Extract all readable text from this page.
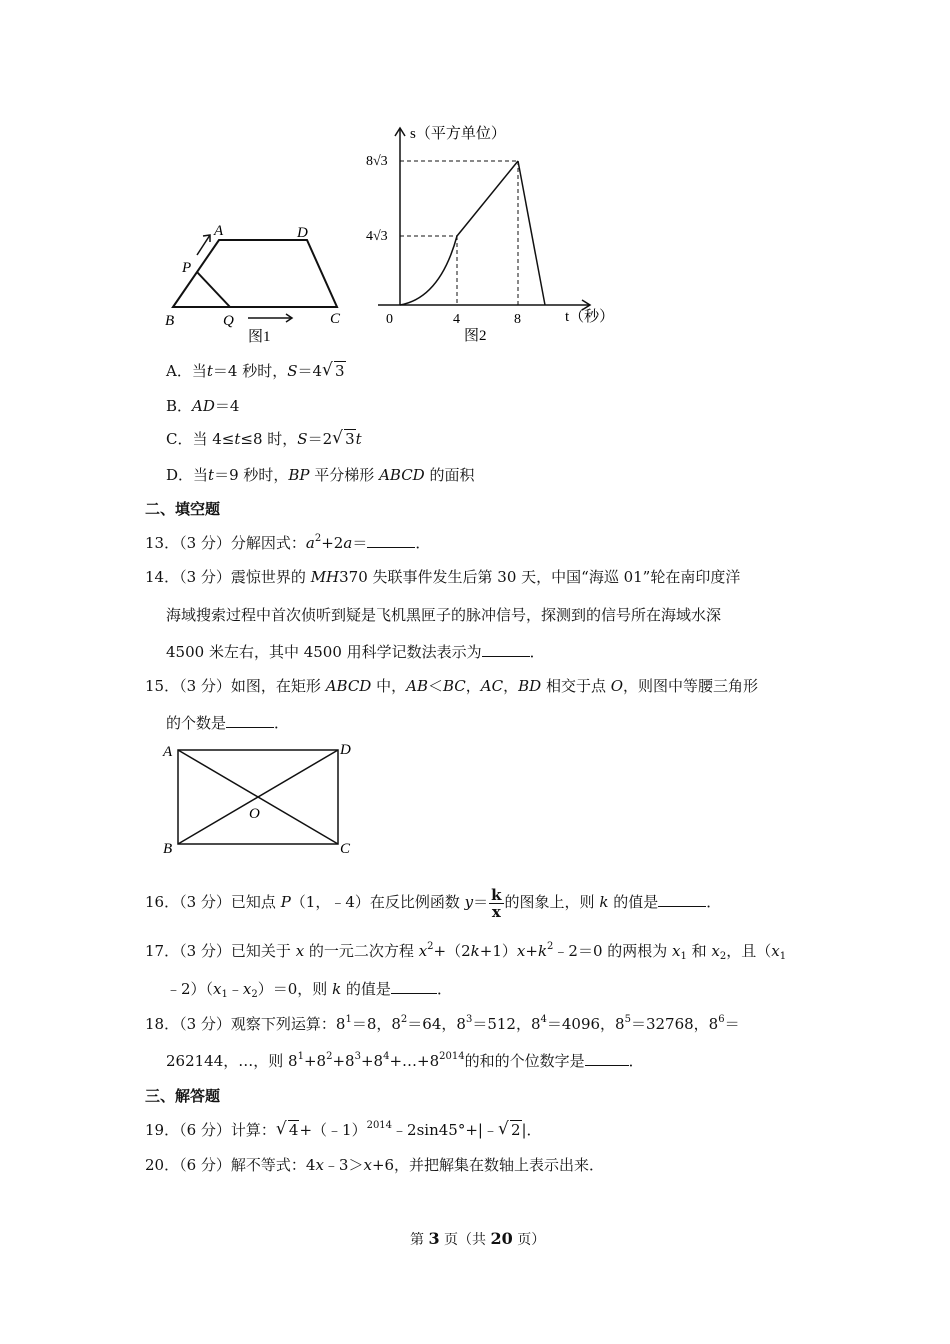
A	D
P
B	Q	C
图1
s（平方单位）
8√3
4√3
0	4	8	t（秒）
图2
A．当t＝4 秒时，S＝4 √ 3
B．AD＝4
C．当 4≤t≤8 时，S＝2 √ 3t
D．当t＝9 秒时，BP 平分梯形 ABCD 的面积
二、填空题
13．（3 分）分解因式：$a^2+2a=$	．
14．（3 分）震惊世界的 MH370 失联事件发生后第 30 天，中国“海巡 01”轮在南印度洋
海域搜索过程中首次侦听到疑是飞机黑匣子的脉冲信号，探测到的信号所在海域水深
4500 米左右，其中 4500 用科学记数法表示为	．
15．（3 分）如图，在矩形 ABCD 中，AB＜BC，AC，BD 相交于点 O，则图中等腰三角形
的个数是	．
A	D
B	C
O
16．（3 分）已知点 P（1，﹣4）在反比例函数 $y= \frac{k}{x}$ 的图象上，则 k 的值是	．
17．（3 分）已知关于 x 的一元二次方程 $x^2+(2k+1)x+k^2﹣2=0$ 的两根为 $x_1$ 和 $x_2$，且（$x_1$
$﹣2)(x_1﹣x_2)=0$，则 k 的值是	．
18．（3 分）观察下列运算：$8^1=8$，$8^2=64$，$8^3=512$，$8^4=4096$，$8^5=32768$，$8^6=$
262144，…，则 $8^1+8^2+8^3+8^4+\dots+8^{2014}$的和的个位数字是	．
三、解答题
19．（6 分）计算： √ 4+（﹣1）$^{2014}$﹣2sin45°+|﹣ √ 2|．
20．（6 分）解不等式：4x﹣3＞x+6，并把解集在数轴上表示出来．
第 3 页（共 20 页）
